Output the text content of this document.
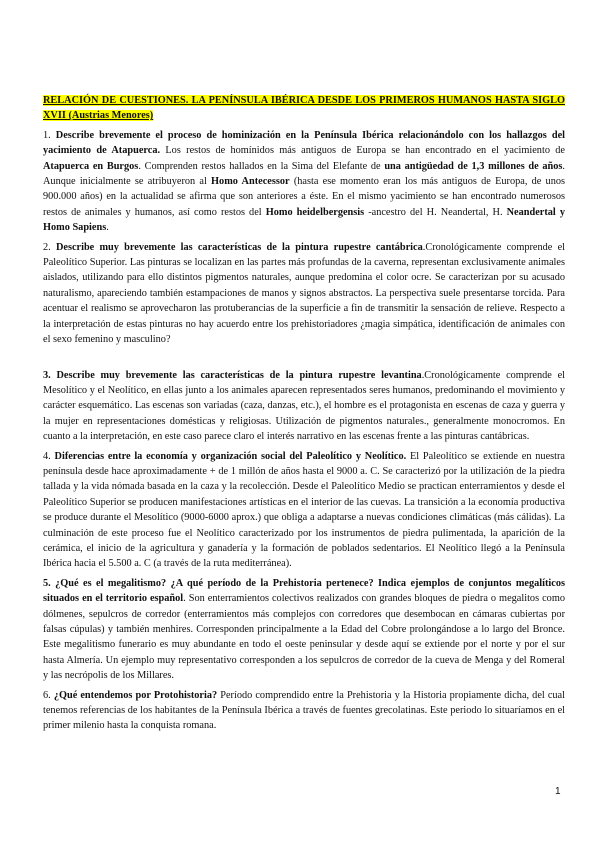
RELACIÓN DE CUESTIONES. LA PENÍNSULA IBÉRICA DESDE LOS PRIMEROS HUMANOS HASTA SIGLO XVII (Austrias Menores)

1. Describe brevemente el proceso de hominización en la Península Ibérica relacionándolo con los hallazgos del yacimiento de Atapuerca. Los restos de homínidos más antiguos de Europa se han encontrado en el yacimiento de Atapuerca en Burgos. Comprenden restos hallados en la Sima del Elefante de una antigüedad de 1,3 millones de años. Aunque inicialmente se atribuyeron al Homo Antecessor (hasta ese momento eran los más antiguos de Europa, de unos 900.000 años) en la actualidad se afirma que son anteriores a éste. En el mismo yacimiento se han encontrado numerosos restos de animales y humanos, así como restos del Homo heidelbergensis -ancestro del H. Neandertal, H. Neandertal y Homo Sapiens.

2. Describe muy brevemente las características de la pintura rupestre cantábrica.Cronológicamente comprende el Paleolítico Superior. Las pinturas se localizan en las partes más profundas de la caverna, representan exclusivamente animales aislados, utilizando para ello distintos pigmentos naturales, aunque predomina el color ocre. Se caracterizan por su acusado naturalismo, apareciendo también estampaciones de manos y signos abstractos. La perspectiva suele presentarse torcida. Para acentuar el realismo se aprovecharon las protuberancias de la superficie a fin de transmitir la sensación de relieve. Respecto a la interpretación de estas pinturas no hay acuerdo entre los prehistoriadores ¿magia simpática, identificación de animales con el sexo femenino y masculino?

3. Describe muy brevemente las características de la pintura rupestre levantina.Cronológicamente comprende el Mesolítico y el Neolítico, en ellas junto a los animales aparecen representados seres humanos, predominando el movimiento y carácter esquemático. Las escenas son variadas (caza, danzas, etc.), el hombre es el protagonista en escenas de caza y guerra y la mujer en representaciones domésticas y religiosas. Utilización de pigmentos naturales., generalmente monocromos. En cuanto a la interpretación, en este caso parece claro el interés narrativo en las escenas frente a las pinturas cantábricas.

4. Diferencias entre la economía y organización social del Paleolítico y Neolítico. El Paleolítico se extiende en nuestra península desde hace aproximadamente + de 1 millón de años hasta el 9000 a. C. Se caracterizó por la utilización de la piedra tallada y la vida nómada basada en la caza y la recolección. Desde el Paleolítico Medio se practican enterramientos y desde el Paleolítico Superior se producen manifestaciones artísticas en el interior de las cuevas. La transición a la economía productiva se produce durante el Mesolítico (9000-6000 aprox.) que obliga a adaptarse a nuevas condiciones climáticas (más cálidas). La culminación de este proceso fue el Neolítico caracterizado por los instrumentos de piedra pulimentada, la aparición de la cerámica, el inicio de la agricultura y ganadería y la formación de poblados sedentarios. El Neolítico llegó a la Península Ibérica hacia el 5.500 a. C (a través de la ruta mediterránea).

5. ¿Qué es el megalitismo? ¿A qué período de la Prehistoria pertenece? Indica ejemplos de conjuntos megalíticos situados en el territorio español. Son enterramientos colectivos realizados con grandes bloques de piedra o megalitos como dólmenes, sepulcros de corredor (enterramientos más complejos con corredores que desembocan en cámaras cubiertas por falsas cúpulas) y también menhires. Corresponden principalmente a la Edad del Cobre prolongándose a lo largo del Bronce. Este megalitismo funerario es muy abundante en todo el oeste peninsular y desde aquí se extiende por el norte y por el sur hasta Almería. Un ejemplo muy representativo corresponden a los sepulcros de corredor de la cueva de Menga y del Romeral y las necrópolis de los Millares.

6. ¿Qué entendemos por Protohistoria? Período comprendido entre la Prehistoria y la Historia propiamente dicha, del cual tenemos referencias de los habitantes de la Península Ibérica a través de fuentes grecolatinas. Este periodo lo situaríamos en el primer milenio hasta la conquista romana.

1
